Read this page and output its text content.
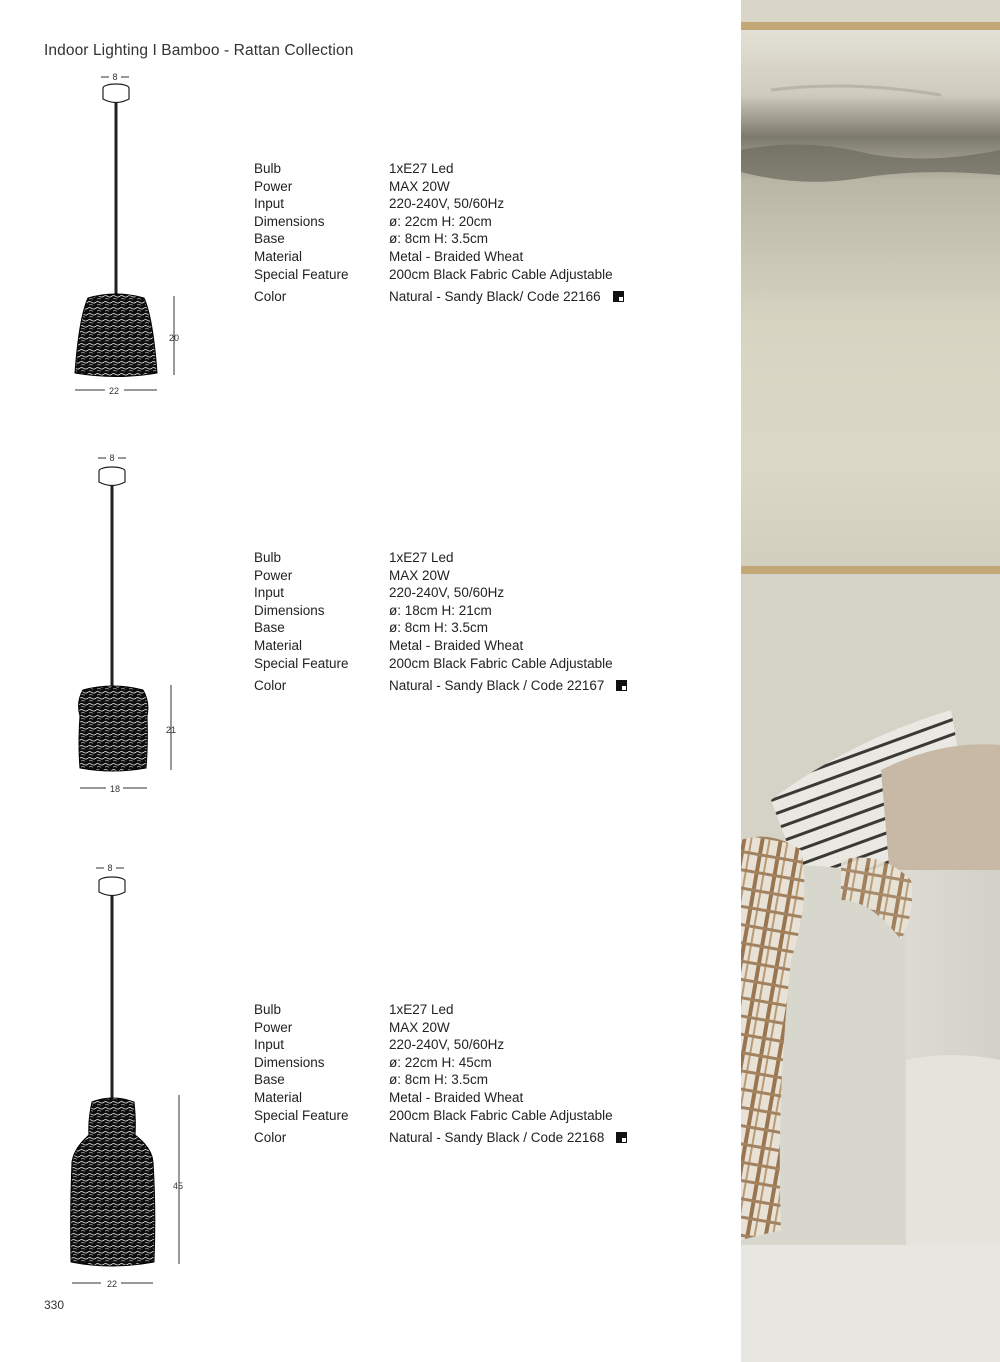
Indoor Lighting I Bamboo - Rattan Collection
8
20
22
Bulb	1xE27 Led
Power	MAX 20W
Input	220-240V, 50/60Hz
Dimensions	ø: 22cm H: 20cm
Base	ø: 8cm H: 3.5cm
Material	Metal - Braided Wheat
Special Feature	200cm Black Fabric Cable Adjustable
Color	Natural - Sandy Black/ Code 22166
8
21
18
Bulb	1xE27 Led
Power	MAX 20W
Input	220-240V, 50/60Hz
Dimensions	ø: 18cm H: 21cm
Base	ø: 8cm H: 3.5cm
Material	Metal - Braided Wheat
Special Feature	200cm Black Fabric Cable Adjustable
Color	Natural - Sandy Black / Code 22167
8
45
22
Bulb	1xE27 Led
Power	MAX 20W
Input	220-240V, 50/60Hz
Dimensions	ø: 22cm H: 45cm
Base	ø: 8cm H: 3.5cm
Material	Metal - Braided Wheat
Special Feature	200cm Black Fabric Cable Adjustable
Color	Natural - Sandy Black / Code 22168
330
